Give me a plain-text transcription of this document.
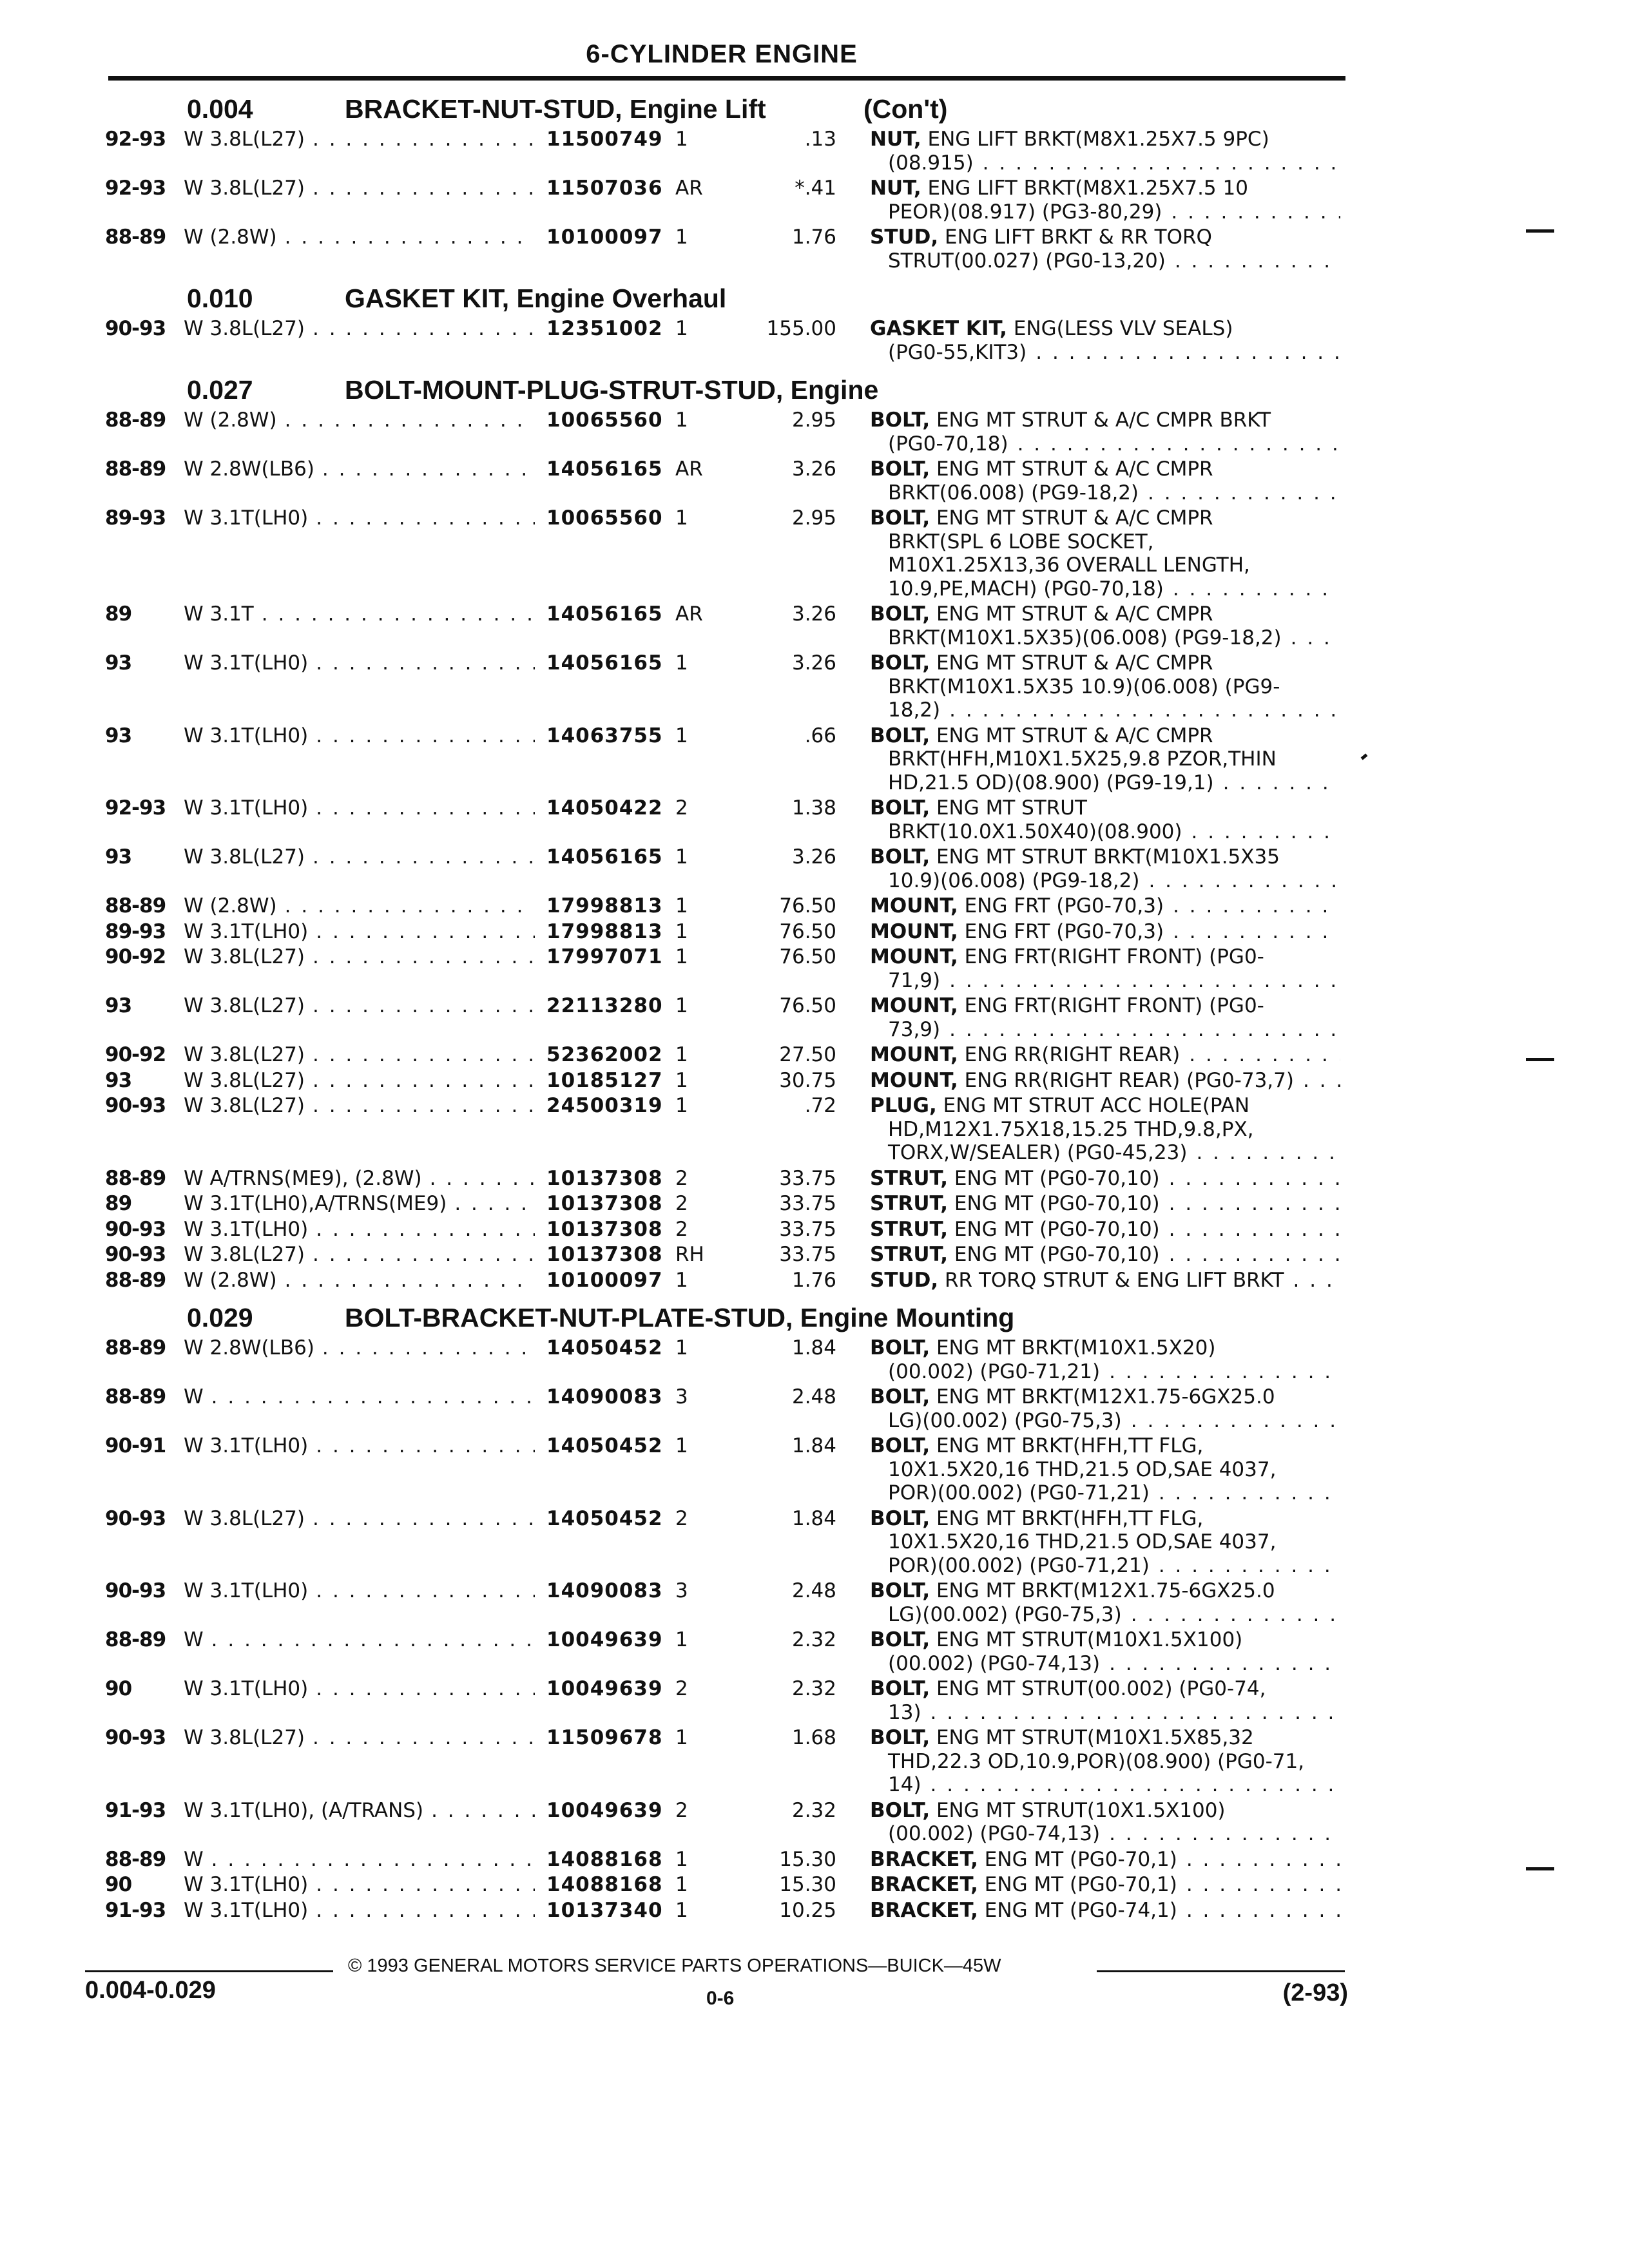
6-CYLINDER ENGINE
0.004	BRACKET-NUT-STUD, Engine Lift	(Con't)
92-93 W 3.8L(L27) . . .	11500749 1	.13 NUT, ENG LIFT BRKT(M8X1.25X7.5 9PC)
(08.915)
. . .
92-93 W 3.8L(L27) . . .	11507036 AR	*.41 NUT, ENG LIFT BRKT(M8X1.25X7.5 10
PEOR)(08.917) (PG3-80,29)
. . .
88-89 W (2.8W) . . .	10100097 1	1.76 STUD, ENG LIFT BRKT & RR TORQ
STRUT(00.027) (PG0-13,20)
. . .
0.010	GASKET KIT, Engine Overhaul
90-93 W 3.8L(L27) . . .	12351002 1	155.00 GASKET KIT, ENG(LESS VLV SEALS)
(PG0-55,KIT3)
. . .
0.027	BOLT-MOUNT-PLUG-STRUT-STUD, Engine
88-89 W (2.8W) . . .	10065560 1	2.95 BOLT, ENG MT STRUT & A/C CMPR BRKT
(PG0-70,18)
. . .
88-89 W 2.8W(LB6) . . .	14056165 AR	3.26 BOLT, ENG MT STRUT & A/C CMPR
BRKT(06.008) (PG9-18,2)
. . .
89-93 W 3.1T(LH0) . . .	10065560 1	2.95 BOLT, ENG MT STRUT & A/C CMPR
BRKT(SPL 6 LOBE SOCKET,
M10X1.25X13,36 OVERALL LENGTH,
10.9,PE,MACH) (PG0-70,18)
. . .
89	W 3.1T . . .	14056165 AR	3.26 BOLT, ENG MT STRUT & A/C CMPR
BRKT(M10X1.5X35)(06.008) (PG9-18,2)
. . .
93	W 3.1T(LH0) . . .	14056165 1	3.26 BOLT, ENG MT STRUT & A/C CMPR
BRKT(M10X1.5X35 10.9)(06.008) (PG9-
18,2)
. . .
93	W 3.1T(LH0) . . .	14063755 1	.66 BOLT, ENG MT STRUT & A/C CMPR
BRKT(HFH,M10X1.5X25,9.8 PZOR,THIN
HD,21.5 OD)(08.900) (PG9-19,1)
. . .
92-93 W 3.1T(LH0) . . .	14050422 2	1.38 BOLT, ENG MT STRUT
BRKT(10.0X1.50X40)(08.900)
. . .
93	W 3.8L(L27) . . .	14056165 1	3.26 BOLT, ENG MT STRUT BRKT(M10X1.5X35
10.9)(06.008) (PG9-18,2)
. . .
88-89 W (2.8W) . . .	17998813 1	76.50 MOUNT, ENG FRT (PG0-70,3)
. . .
89-93 W 3.1T(LH0) . . .	17998813 1	76.50 MOUNT, ENG FRT (PG0-70,3)
. . .
90-92 W 3.8L(L27) . . .	17997071 1	76.50 MOUNT, ENG FRT(RIGHT FRONT) (PG0-
71,9)
. . .
93	W 3.8L(L27) . . .	22113280 1	76.50 MOUNT, ENG FRT(RIGHT FRONT) (PG0-
73,9)
. . .
90-92 W 3.8L(L27) . . .	52362002 1	27.50 MOUNT, ENG RR(RIGHT REAR)
. . .
93	W 3.8L(L27) . . .	10185127 1	30.75 MOUNT, ENG RR(RIGHT REAR) (PG0-73,7)
. . .
90-93 W 3.8L(L27) . . .	24500319 1	.72 PLUG, ENG MT STRUT ACC HOLE(PAN
HD,M12X1.75X18,15.25 THD,9.8,PX,
TORX,W/SEALER) (PG0-45,23)
. . .
88-89 W A/TRNS(ME9), (2.8W) . . .	10137308 2	33.75 STRUT, ENG MT (PG0-70,10)
. . .
89	W 3.1T(LH0),A/TRNS(ME9) . . .	10137308 2	33.75 STRUT, ENG MT (PG0-70,10)
. . .
90-93 W 3.1T(LH0) . . .	10137308 2	33.75 STRUT, ENG MT (PG0-70,10)
. . .
90-93 W 3.8L(L27) . . .	10137308 RH	33.75 STRUT, ENG MT (PG0-70,10)
. . .
88-89 W (2.8W) . . .	10100097 1	1.76 STUD, RR TORQ STRUT & ENG LIFT BRKT
. . .
0.029	BOLT-BRACKET-NUT-PLATE-STUD, Engine Mounting
88-89 W 2.8W(LB6) . . .	14050452 1	1.84 BOLT, ENG MT BRKT(M10X1.5X20)
(00.002) (PG0-71,21)
. . .
88-89 W . . .	14090083 3	2.48 BOLT, ENG MT BRKT(M12X1.75-6GX25.0
LG)(00.002) (PG0-75,3)
. . .
90-91 W 3.1T(LH0) . . .	14050452 1	1.84 BOLT, ENG MT BRKT(HFH,TT FLG,
10X1.5X20,16 THD,21.5 OD,SAE 4037,
POR)(00.002) (PG0-71,21)
. . .
90-93 W 3.8L(L27) . . .	14050452 2	1.84 BOLT, ENG MT BRKT(HFH,TT FLG,
10X1.5X20,16 THD,21.5 OD,SAE 4037,
POR)(00.002) (PG0-71,21)
. . .
90-93 W 3.1T(LH0) . . .	14090083 3	2.48 BOLT, ENG MT BRKT(M12X1.75-6GX25.0
LG)(00.002) (PG0-75,3)
. . .
88-89 W . . .	10049639 1	2.32 BOLT, ENG MT STRUT(M10X1.5X100)
(00.002) (PG0-74,13)
. . .
90	W 3.1T(LH0) . . .	10049639 2	2.32 BOLT, ENG MT STRUT(00.002) (PG0-74,
13)
. . .
90-93 W 3.8L(L27) . . .	11509678 1	1.68 BOLT, ENG MT STRUT(M10X1.5X85,32
THD,22.3 OD,10.9,POR)(08.900) (PG0-71,
14)
. . .
91-93 W 3.1T(LH0), (A/TRANS) . . .	10049639 2	2.32 BOLT, ENG MT STRUT(10X1.5X100)
(00.002) (PG0-74,13)
. . .
88-89 W . . .	14088168 1	15.30 BRACKET, ENG MT (PG0-70,1)
. . .
90	W 3.1T(LH0) . . .	14088168 1	15.30 BRACKET, ENG MT (PG0-70,1)
. . .
91-93 W 3.1T(LH0) . . .	10137340 1	10.25 BRACKET, ENG MT (PG0-74,1)
. . .
© 1993 GENERAL MOTORS SERVICE PARTS OPERATIONS—BUICK—45W
0.004-0.029	0-6	(2-93)
